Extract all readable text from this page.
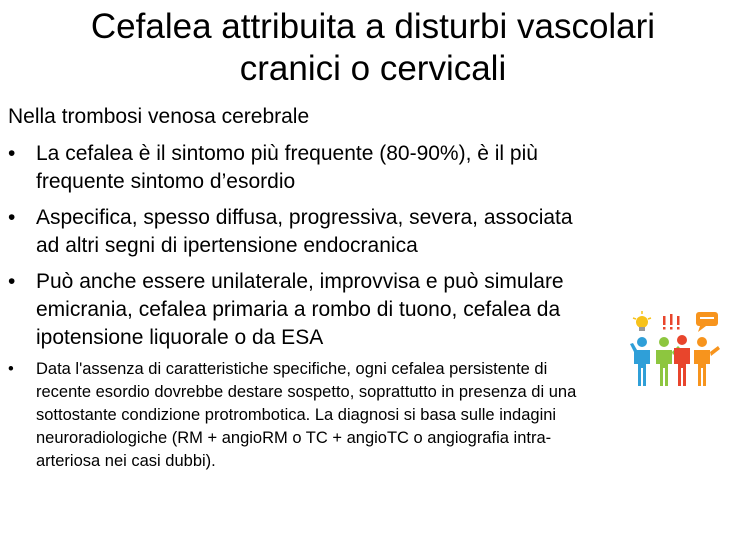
Cefalea attribuita a disturbi vascolari
cranici o cervicali
Nella trombosi venosa cerebrale
• La cefalea è il sintomo più frequente (80-90%), è il più frequente sintomo d’esordio
• Aspecifica, spesso diffusa, progressiva, severa, associata ad altri segni di ipertensione endocranica
• Può anche essere unilaterale, improvvisa e può simulare emicrania, cefalea primaria a rombo di tuono, cefalea da ipotensione liquorale o da ESA
• Data l'assenza di caratteristiche specifiche, ogni cefalea persistente di recente esordio dovrebbe destare sospetto, soprattutto in presenza di una sottostante condizione protrombotica. La diagnosi si basa sulle indagini neuroradiologiche (RM + angioRM o TC + angioTC o angiografia intra-arteriosa nei casi dubbi).
